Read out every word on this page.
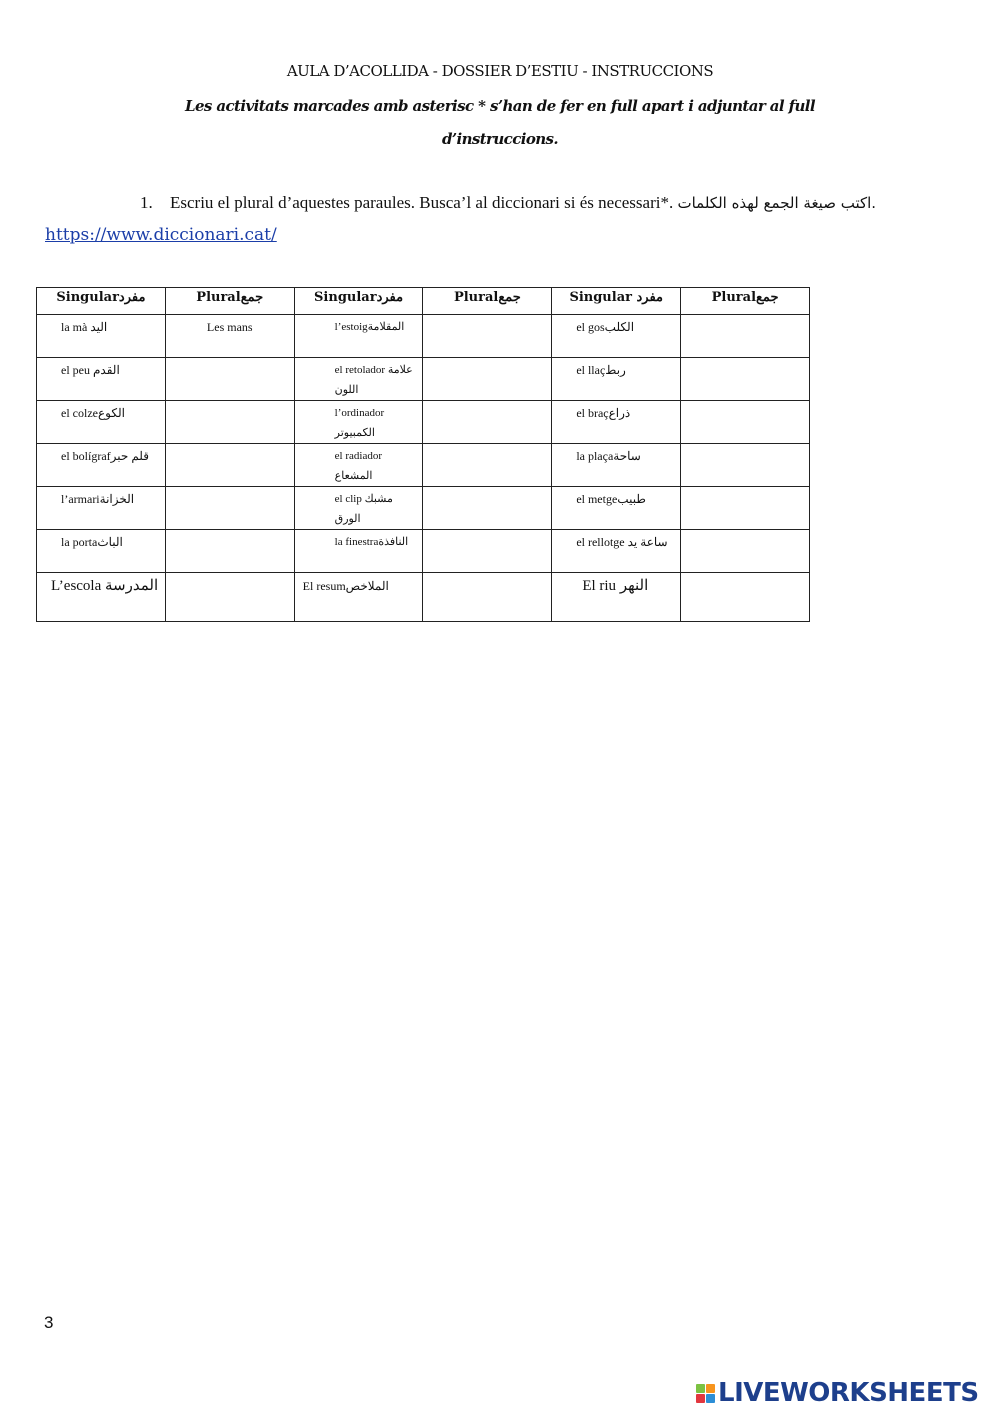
AULA D’ACOLLIDA - DOSSIER D’ESTIU - INSTRUCCIONS
Les activitats marcades amb asterisc * s’han de fer en full apart i adjuntar al full
d’instruccions.
1. Escriu el plural d’aquestes paraules. Busca’l al diccionari si és necessari*. اكتب صيغة الجمع لهذه الكلمات.
https://www.diccionari.cat/
Singularمفرد	Pluralجمع	Singularمفرد	Pluralجمع	Singular مفرد	Pluralجمع
la mà اليد	Les mans	l’estoigالمقلامة		el gosالكلب	
el peu القدم		el retolador علامة اللون		el llaçربط	
el colzeالكوع		l’ordinador الكمبيوتر		el braçذراع	
el bolígrafقلم حبر		el radiador المشعاع		la plaçaساحة	
l’armariالخزانة		el clip مشبك الورق		el metgeطبيب	
la portaالباث		la finestraالنافذة		el rellotge ساعة يد	
L’escola المدرسة		El resumالملاخص		El riu النهر	
3
LIVEWORKSHEETS
